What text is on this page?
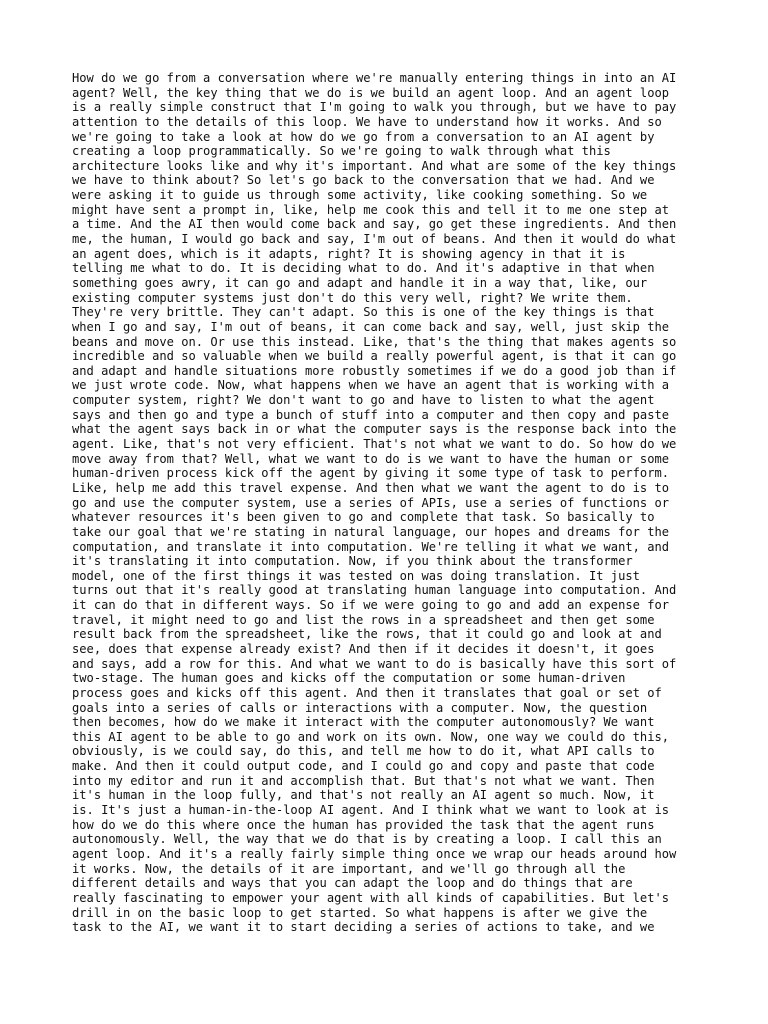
How do we go from a conversation where we're manually entering things in into an AI

agent? Well, the key thing that we do is we build an agent loop. And an agent loop

is a really simple construct that I'm going to walk you through, but we have to pay

attention to the details of this loop. We have to understand how it works. And so

we're going to take a look at how do we go from a conversation to an AI agent by

creating a loop programmatically. So we're going to walk through what this

architecture looks like and why it's important. And what are some of the key things

we have to think about? So let's go back to the conversation that we had. And we

were asking it to guide us through some activity, like cooking something. So we

might have sent a prompt in, like, help me cook this and tell it to me one step at

a time. And the AI then would come back and say, go get these ingredients. And then

me, the human, I would go back and say, I'm out of beans. And then it would do what

an agent does, which is it adapts, right? It is showing agency in that it is

telling me what to do. It is deciding what to do. And it's adaptive in that when

something goes awry, it can go and adapt and handle it in a way that, like, our

existing computer systems just don't do this very well, right? We write them.

They're very brittle. They can't adapt. So this is one of the key things is that

when I go and say, I'm out of beans, it can come back and say, well, just skip the

beans and move on. Or use this instead. Like, that's the thing that makes agents so

incredible and so valuable when we build a really powerful agent, is that it can go

and adapt and handle situations more robustly sometimes if we do a good job than if

we just wrote code. Now, what happens when we have an agent that is working with a

computer system, right? We don't want to go and have to listen to what the agent

says and then go and type a bunch of stuff into a computer and then copy and paste

what the agent says back in or what the computer says is the response back into the

agent. Like, that's not very efficient. That's not what we want to do. So how do we

move away from that? Well, what we want to do is we want to have the human or some

human-driven process kick off the agent by giving it some type of task to perform.

Like, help me add this travel expense. And then what we want the agent to do is to

go and use the computer system, use a series of APIs, use a series of functions or

whatever resources it's been given to go and complete that task. So basically to

take our goal that we're stating in natural language, our hopes and dreams for the

computation, and translate it into computation. We're telling it what we want, and

it's translating it into computation. Now, if you think about the transformer

model, one of the first things it was tested on was doing translation. It just

turns out that it's really good at translating human language into computation. And

it can do that in different ways. So if we were going to go and add an expense for

travel, it might need to go and list the rows in a spreadsheet and then get some

result back from the spreadsheet, like the rows, that it could go and look at and

see, does that expense already exist? And then if it decides it doesn't, it goes

and says, add a row for this. And what we want to do is basically have this sort of

two-stage. The human goes and kicks off the computation or some human-driven

process goes and kicks off this agent. And then it translates that goal or set of

goals into a series of calls or interactions with a computer. Now, the question

then becomes, how do we make it interact with the computer autonomously? We want

this AI agent to be able to go and work on its own. Now, one way we could do this,

obviously, is we could say, do this, and tell me how to do it, what API calls to

make. And then it could output code, and I could go and copy and paste that code

into my editor and run it and accomplish that. But that's not what we want. Then

it's human in the loop fully, and that's not really an AI agent so much. Now, it

is. It's just a human-in-the-loop AI agent. And I think what we want to look at is

how do we do this where once the human has provided the task that the agent runs

autonomously. Well, the way that we do that is by creating a loop. I call this an

agent loop. And it's a really fairly simple thing once we wrap our heads around how

it works. Now, the details of it are important, and we'll go through all the

different details and ways that you can adapt the loop and do things that are

really fascinating to empower your agent with all kinds of capabilities. But let's

drill in on the basic loop to get started. So what happens is after we give the

task to the AI, we want it to start deciding a series of actions to take, and we
